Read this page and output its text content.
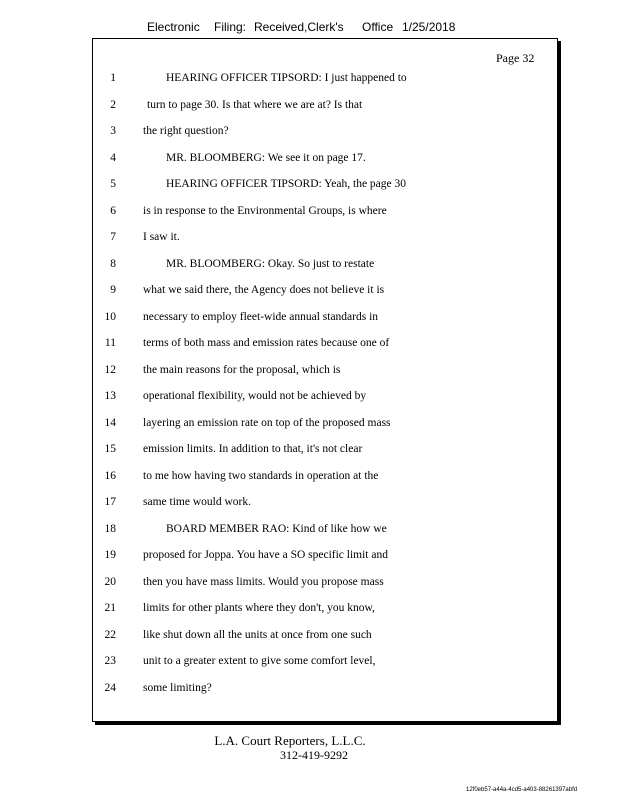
Electronic Filing: Received,Clerk's Office 1/25/2018
Page 32
1	HEARING OFFICER TIPSORD: I just happened to
2	turn to page 30. Is that where we are at? Is that
3 the right question?
4	MR. BLOOMBERG: We see it on page 17.
5	HEARING OFFICER TIPSORD: Yeah, the page 30
6 is in response to the Environmental Groups, is where
7 I saw it.
8	MR. BLOOMBERG: Okay. So just to restate
9 what we said there, the Agency does not believe it is
10 necessary to employ fleet-wide annual standards in
11 terms of both mass and emission rates because one of
12 the main reasons for the proposal, which is
13 operational flexibility, would not be achieved by
14 layering an emission rate on top of the proposed mass
15 emission limits. In addition to that, it's not clear
16 to me how having two standards in operation at the
17 same time would work.
18	BOARD MEMBER RAO: Kind of like how we
19 proposed for Joppa. You have a SO specific limit and
20 then you have mass limits. Would you propose mass
21 limits for other plants where they don't, you know,
22 like shut down all the units at once from one such
23 unit to a greater extent to give some comfort level,
24 some limiting?
L.A. Court Reporters, L.L.C.
312-419-9292
12f0eb57-a44a-4cd5-a403-88261397abfd
